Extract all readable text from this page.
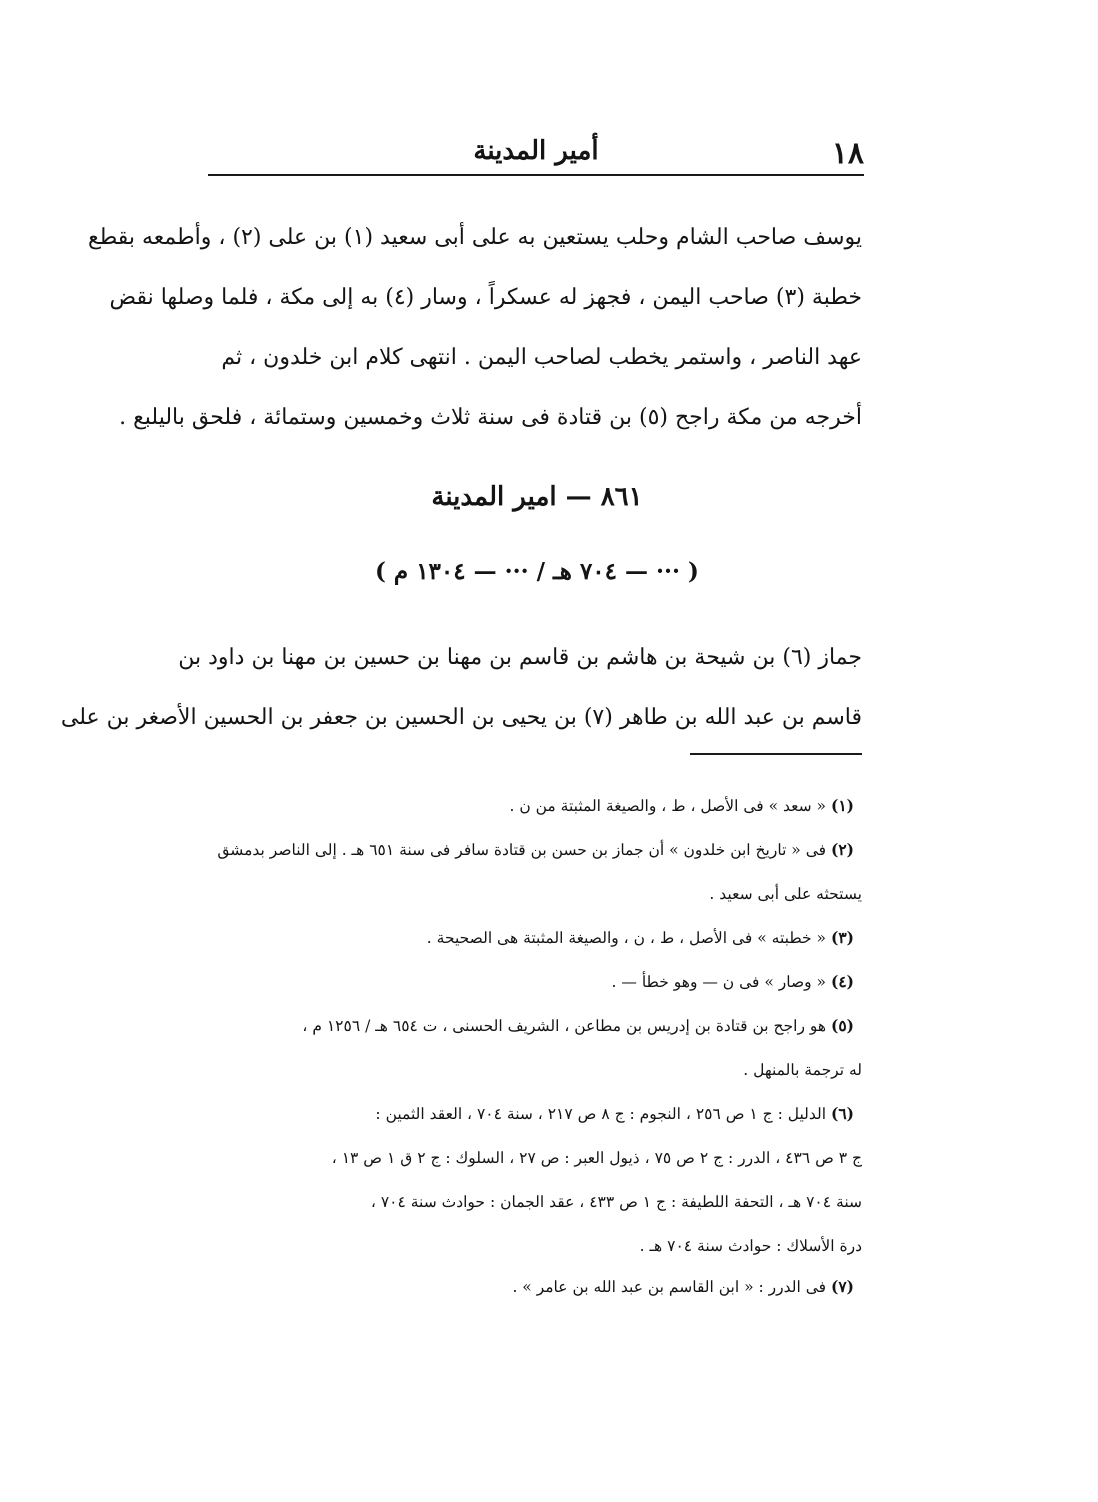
١٨
أمير المدينة

يوسف صاحب الشام وحلب يستعين به على أبى سعيد (١) بن على (٢) ، وأطمعه بقطع

خطبة (٣) صاحب اليمن ، فجهز له عسكراً ، وسار (٤) به إلى مكة ، فلما وصلها نقض

عهد الناصر ، واستمر يخطب لصاحب اليمن . انتهى كلام ابن خلدون ، ثم

أخرجه من مكة راجح (٥) بن قتادة فى سنة ثلاث وخمسين وستمائة ، فلحق باليلبع .

٨٦١ — امير المدينة
( ··· — ٧٠٤ هـ / ··· — ١٣٠٤ م )

جماز (٦) بن شيحة بن هاشم بن قاسم بن مهنا بن حسين بن مهنا بن داود بن

قاسم بن عبد الله بن طاهر (٧) بن يحيى بن الحسين بن جعفر بن الحسين الأصغر بن على

(١) « سعد » فى الأصل ، ط ، والصيغة المثبتة من ن .
(٢) فى « تاريخ ابن خلدون » أن جماز بن حسن بن قتادة سافر فى سنة ٦٥١ هـ . إلى الناصر بدمشق
يستحثه على أبى سعيد .
(٣) « خطبته » فى الأصل ، ط ، ن ، والصيغة المثبتة هى الصحيحة .
(٤) « وصار » فى ن — وهو خطأ — .
(٥) هو راجح بن قتادة بن إدريس بن مطاعن ، الشريف الحسنى ، ت ٦٥٤ هـ / ١٢٥٦ م ،
له ترجمة بالمنهل .
(٦) الدليل : ج ١ ص ٢٥٦ ، النجوم : ج ٨ ص ٢١٧ ، سنة ٧٠٤ ، العقد الثمين :
ج ٣ ص ٤٣٦ ، الدرر : ج ٢ ص ٧٥ ، ذيول العبر : ص ٢٧ ، السلوك : ج ٢ ق ١ ص ١٣ ،
سنة ٧٠٤ هـ ، التحفة اللطيفة : ج ١ ص ٤٣٣ ، عقد الجمان : حوادث سنة ٧٠٤ ،
درة الأسلاك : حوادث سنة ٧٠٤ هـ .
(٧) فى الدرر : « ابن القاسم بن عبد الله بن عامر » .
